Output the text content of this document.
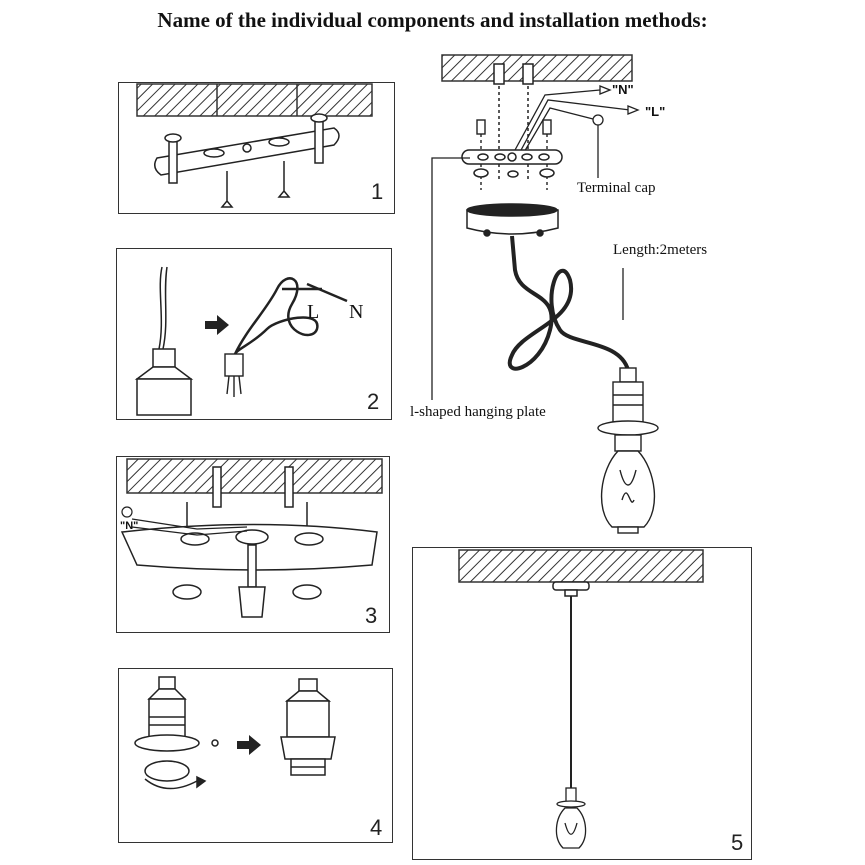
Name of the individual components and installation methods:
"N"
"L"
Terminal cap
Length:2meters
l-shaped hanging plate
1
L N
2
"N"
3
4
5
